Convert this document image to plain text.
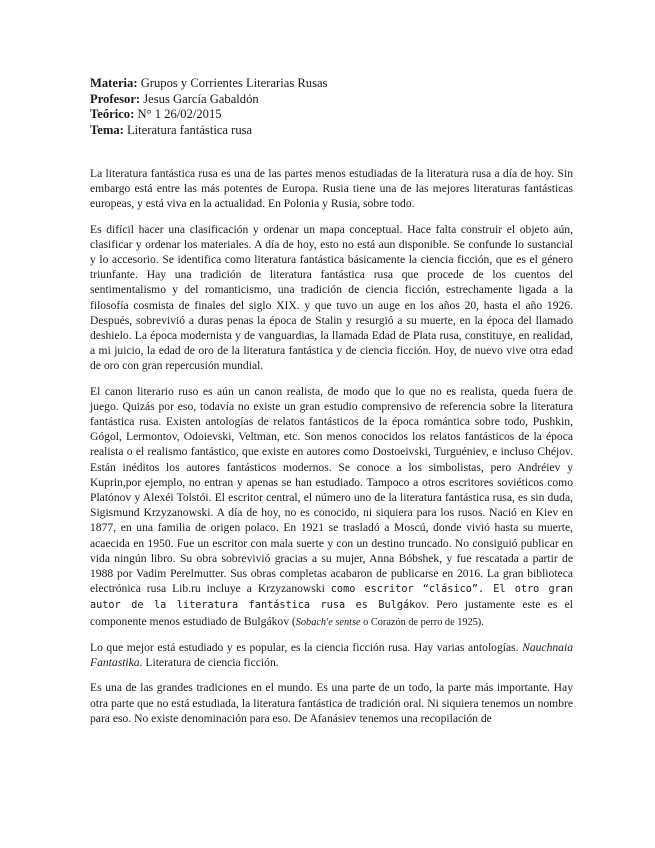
Materia: Grupos y Corrientes Literarias Rusas
Profesor: Jesus García Gabaldón
Teórico: N° 1 26/02/2015
Tema: Literatura fantástica rusa

La literatura fantástica rusa es una de las partes menos estudiadas de la literatura rusa a día de hoy. Sin embargo está entre las más potentes de Europa. Rusia tiene una de las mejores literaturas fantásticas europeas, y está viva en la actualidad. En Polonia y Rusia, sobre todo.

Es difícil hacer una clasificación y ordenar un mapa conceptual. Hace falta construir el objeto aún, clasificar y ordenar los materiales. A día de hoy, esto no está aun disponible. Se confunde lo sustancial y lo accesorio. Se identifica como literatura fantástica básicamente la ciencia ficción, que es el género triunfante. Hay una tradición de literatura fantástica rusa que procede de los cuentos del sentimentalismo y del romanticismo, una tradición de ciencia ficción, estrechamente ligada a la filosofía cosmista de finales del siglo XIX. y que tuvo un auge en los años 20, hasta el año 1926. Después, sobrevivió a duras penas la época de Stalin y resurgió a su muerte, en la época del llamado deshielo. La época modernista y de vanguardias, la llamada Edad de Plata rusa, constituye, en realidad, a mi juicio, la edad de oro de la literatura fantástica y de ciencia ficción. Hoy, de nuevo vive otra edad de oro con gran repercusión mundial.

El canon literario ruso es aún un canon realista, de modo que lo que no es realista, queda fuera de juego. Quizás por eso, todavía no existe un gran estudio comprensivo de referencia sobre la literatura fantástica rusa. Existen antologías de relatos fantásticos de la época romántica sobre todo, Pushkin, Gógol, Lermontov, Odoievski, Veltman, etc. Son menos conocidos los relatos fantásticos de la época realista o el realismo fantástico, que existe en autores como Dostoeivski, Turguéniev, e incluso Chéjov. Están inéditos los autores fantásticos modernos. Se conoce a los simbolistas, pero Andréiev y Kuprin,por ejemplo, no entran y apenas se han estudiado. Tampoco a otros escritores soviéticos como Platónov y Alexéi Tolstói. El escritor central, el número uno de la literatura fantástica rusa, es sin duda, Sigismund Krzyzanowski. A día de hoy, no es conocido, ni siquiera para los rusos. Nació en Kiev en 1877, en una familia de origen polaco. En 1921 se trasladó a Moscú, donde vivió hasta su muerte, acaecida en 1950. Fue un escritor con mala suerte y con un destino truncado. No consiguió publicar en vida ningún libro. Su obra sobrevivió gracias a su mujer, Anna Bóbshek, y fue rescatada a partir de 1988 por Vadim Perelmutter. Sus obras completas acabaron de publicarse en 2016. La gran biblioteca electrónica rusa Lib.ru incluye a Krzyzanowski como escritor “clásico”. El otro gran autor de la literatura fantástica rusa es Bulgákov. Pero justamente este es el componente menos estudiado de Bulgákov (Sobach'e sentse o Corazón de perro de 1925).

Lo que mejor está estudiado y es popular, es la ciencia ficción rusa. Hay varias antologías. Nauchnaia Fantastika. Literatura de ciencia ficción.

Es una de las grandes tradiciones en el mundo. Es una parte de un todo, la parte más importante. Hay otra parte que no está estudiada, la literatura fantástica de tradición oral. Ni siquiera tenemos un nombre para eso. No existe denominación para eso. De Afanásiev tenemos una recopilación de
